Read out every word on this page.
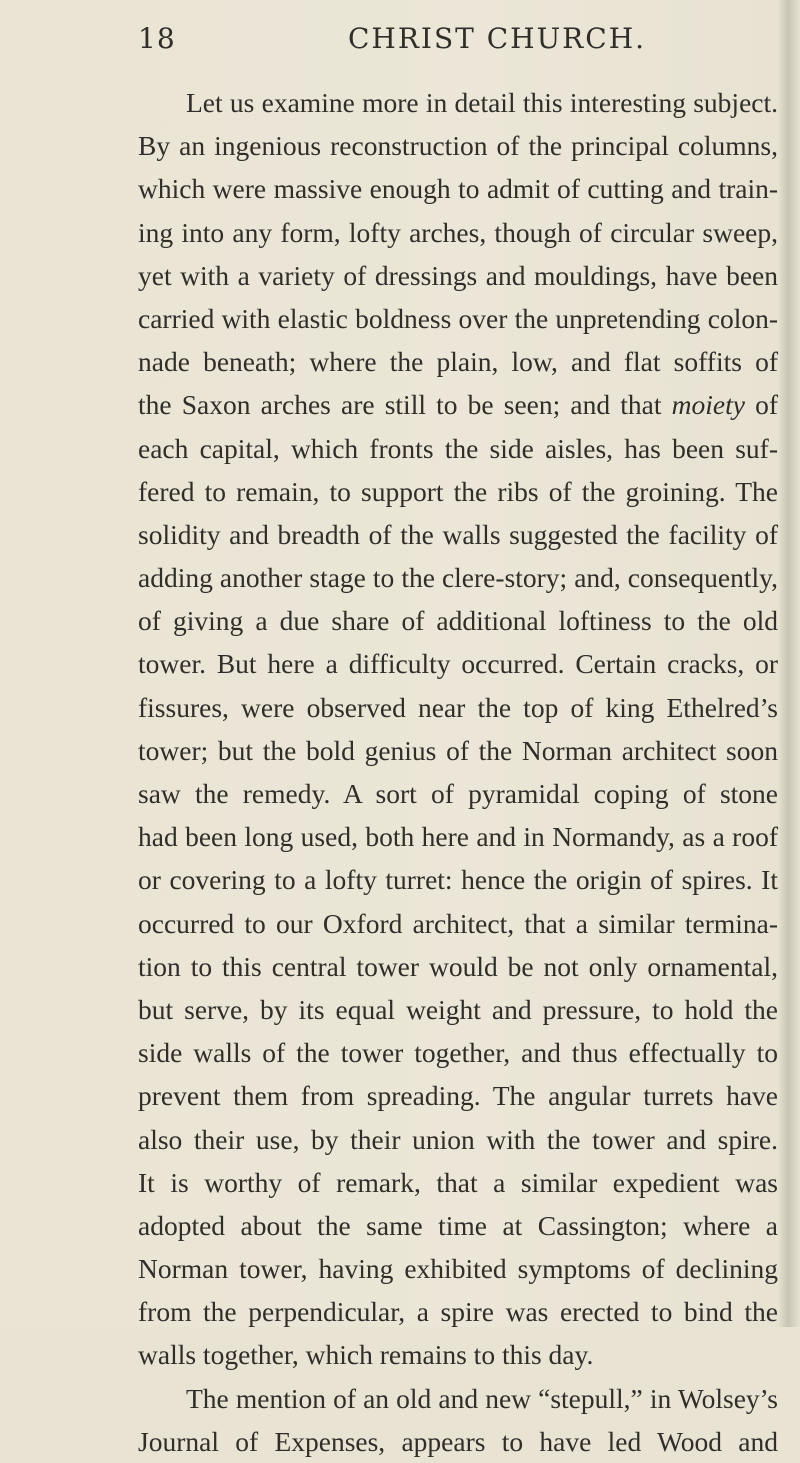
18	CHRIST CHURCH.
Let us examine more in detail this interesting subject.
By an ingenious reconstruction of the principal columns,
which were massive enough to admit of cutting and train-
ing into any form, lofty arches, though of circular sweep,
yet with a variety of dressings and mouldings, have been
carried with elastic boldness over the unpretending colon-
nade beneath; where the plain, low, and flat soffits of
the Saxon arches are still to be seen; and that moiety of
each capital, which fronts the side aisles, has been suf-
fered to remain, to support the ribs of the groining. The
solidity and breadth of the walls suggested the facility of
adding another stage to the clere-story; and, consequently,
of giving a due share of additional loftiness to the old
tower. But here a difficulty occurred. Certain cracks, or
fissures, were observed near the top of king Ethelred’s
tower; but the bold genius of the Norman architect soon
saw the remedy. A sort of pyramidal coping of stone
had been long used, both here and in Normandy, as a roof
or covering to a lofty turret: hence the origin of spires. It
occurred to our Oxford architect, that a similar termina-
tion to this central tower would be not only ornamental,
but serve, by its equal weight and pressure, to hold the
side walls of the tower together, and thus effectually to
prevent them from spreading. The angular turrets have
also their use, by their union with the tower and spire.
It is worthy of remark, that a similar expedient was
adopted about the same time at Cassington; where a
Norman tower, having exhibited symptoms of declining
from the perpendicular, a spire was erected to bind the
walls together, which remains to this day.
The mention of an old and new “stepull,” in Wolsey’s
Journal of Expenses, appears to have led Wood and
